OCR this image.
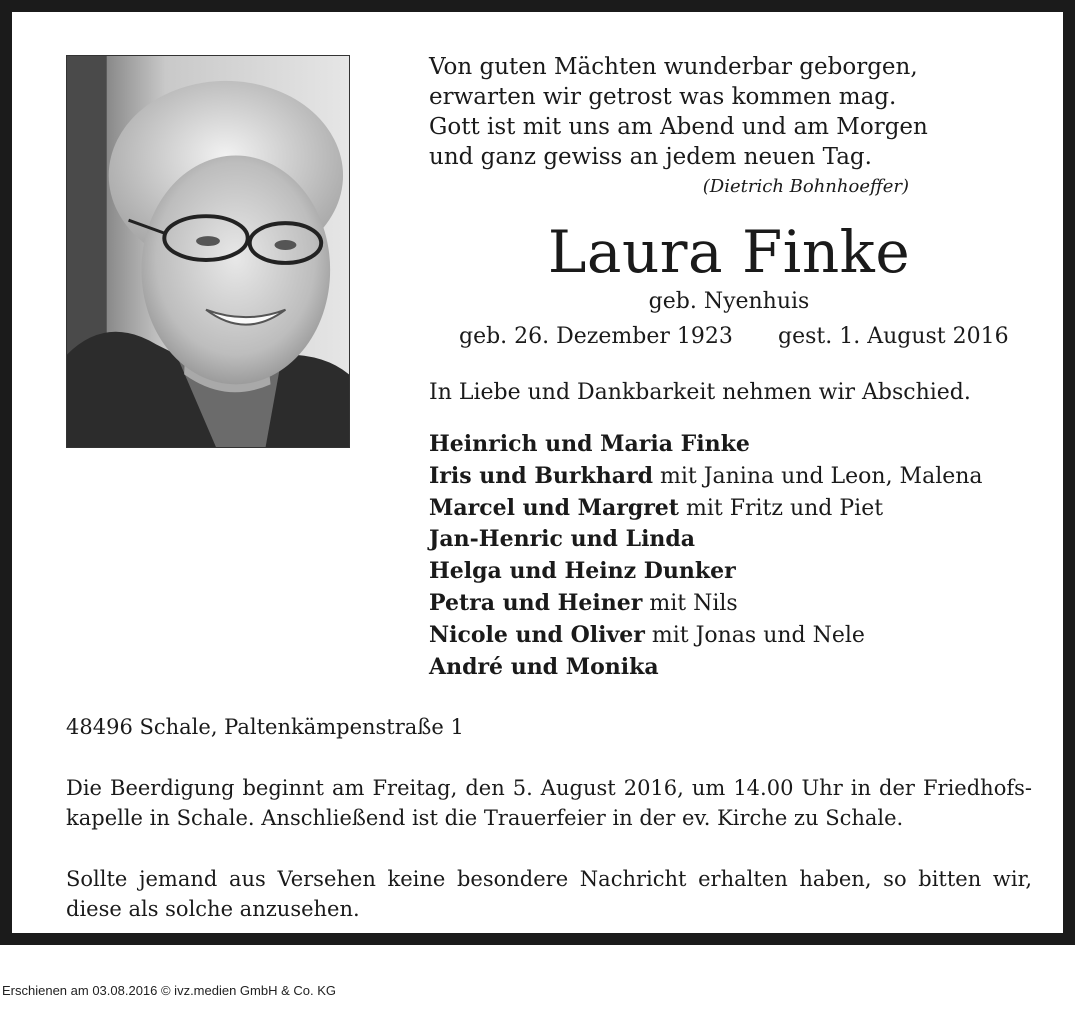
Von guten Mächten wunderbar geborgen,
erwarten wir getrost was kommen mag.
Gott ist mit uns am Abend und am Morgen
und ganz gewiss an jedem neuen Tag.
(Dietrich Bohnhoeffer)
Laura Finke
geb. Nyenhuis
geb. 26. Dezember 1923 gest. 1. August 2016
In Liebe und Dankbarkeit nehmen wir Abschied.
Heinrich und Maria Finke
Iris und Burkhard mit Janina und Leon, Malena
Marcel und Margret mit Fritz und Piet
Jan-Henric und Linda
Helga und Heinz Dunker
Petra und Heiner mit Nils
Nicole und Oliver mit Jonas und Nele
André und Monika
48496 Schale, Paltenkämpenstraße 1
Die Beerdigung beginnt am Freitag, den 5. August 2016, um 14.00 Uhr in der Friedhofskapelle in Schale. Anschließend ist die Trauerfeier in der ev. Kirche zu Schale.
Sollte jemand aus Versehen keine besondere Nachricht erhalten haben, so bitten wir, diese als solche anzusehen.
Erschienen am 03.08.2016 © ivz.medien GmbH & Co. KG
